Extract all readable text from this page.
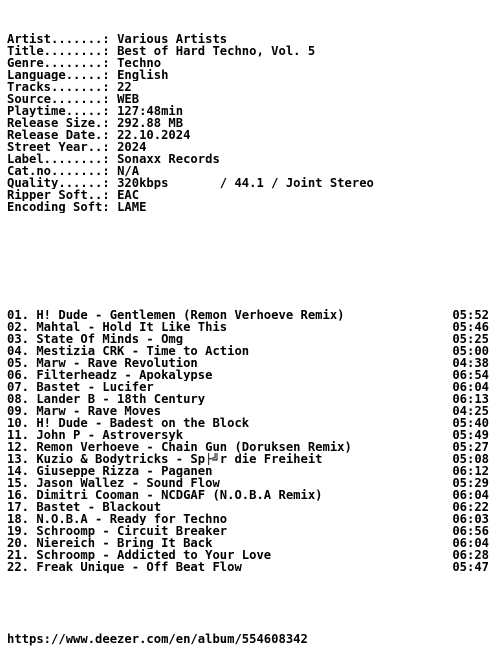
Artist.......: Various Artists
Title........: Best of Hard Techno, Vol. 5
Genre........: Techno
Language.....: English
Tracks.......: 22
Source.......: WEB
Playtime.....: 127:48min
Release Size.: 292.88 MB
Release Date.: 22.10.2024
Street Year..: 2024
Label........: Sonaxx Records
Cat.no.......: N/A
Quality......: 320kbps       / 44.1 / Joint Stereo
Ripper Soft..: EAC
Encoding Soft: LAME

01. H! Dude - Gentlemen (Remon Verhoeve Remix)	05:52
02. Mahtal - Hold It Like This	05:46
03. State Of Minds - Omg	05:25
04. Mestizia CRK - Time to Action	05:00
05. Marw - Rave Revolution	04:38
06. Filterheadz - Apokalypse	06:54
07. Bastet - Lucifer	06:04
08. Lander B - 18th Century	06:13
09. Marw - Rave Moves	04:25
10. H! Dude - Badest on the Block	05:40
11. John P - Astroversyk	05:49
12. Remon Verhoeve - Chain Gun (Doruksen Remix)	05:27
13. Kuzio & Bodytricks - Sp├╝r die Freiheit	05:08
14. Giuseppe Rizza - Paganen	06:12
15. Jason Wallez - Sound Flow	05:29
16. Dimitri Cooman - NCDGAF (N.O.B.A Remix)	06:04
17. Bastet - Blackout	06:22
18. N.O.B.A - Ready for Techno	06:03
19. Schroomp - Circuit Breaker	06:56
20. Niereich - Bring It Back	06:04
21. Schroomp - Addicted to Your Love	06:28
22. Freak Unique - Off Beat Flow	05:47

https://www.deezer.com/en/album/554608342
